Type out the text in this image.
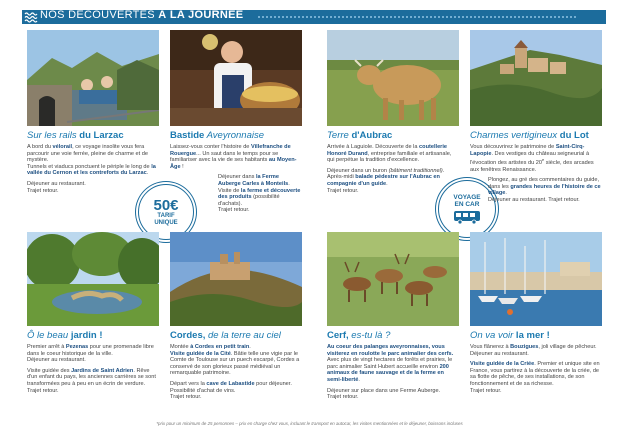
NOS DÉCOUVERTES À LA JOURNÉE
Sur les rails du Larzac

A bord du vélorail, ce voyage insolite vous fera parcourir une voie ferrée, pleine de charme et de mystère.
Tunnels et viaducs ponctuent le périple le long de la vallée du Cernon et les contreforts du Larzac.

Déjeuner au restaurant.
Trajet retour.

Bastide Aveyronnaise

Laissez-vous conter l'histoire de Villefranche de Rouergue... Un saut dans le temps pour se familiariser avec la vie de ses habitants au Moyen-Âge !

Déjeuner dans la Ferme Auberge Carles à Monteils. Visite de la ferme et découverte des produits (possibilité d'achats).
Trajet retour.

50€
TARIF
UNIQUE
Terre d'Aubrac

Arrivée à Laguiole. Découverte de la coutellerie Honoré Durand, entreprise familiale et artisanale, qui perpétue la tradition d'excellence.

Déjeuner dans un buron (bâtiment traditionnel).
Après-midi balade pédestre sur l'Aubrac en compagnie d'un guide.
Trajet retour.

VOYAGE
EN CAR
Charmes vertigineux du Lot

Vous découvrirez le patrimoine de Saint-Cirq-Lapopie. Des vestiges du château seigneurial à l'évocation des artistes du 20e siècle, des arcades aux fenêtres Renaissance.

Plongez, au gré des commentaires du guide, dans les grandes heures de l'histoire de ce village.
Déjeuner au restaurant. Trajet retour.

Ô le beau jardin !

Premier arrêt à Pezenas pour une promenade libre dans le coeur historique de la ville.
Déjeuner au restaurant.

Visite guidée des Jardins de Saint Adrien. Rêve d'un enfant du pays, les anciennes carrières se sont transformées peu à peu en un écrin de verdure.
Trajet retour.

Cordes, de la terre au ciel

Montée à Cordes en petit train.
Visite guidée de la Cité. Bâtie telle une vigie par le Comte de Toulouse sur un puech escarpé, Cordes a conservé de son glorieux passé médiéval un remarquable patrimoine.

Départ vers la cave de Labastide pour déjeuner. Possibilité d'achat de vins.
Trajet retour.

Cerf, es-tu là ?

Au coeur des palanges aveyronnaises, vous visiterez en roulotte le parc animalier des cerfs.
Avec plus de vingt hectares de forêts et prairies, le parc animalier Saint Hubert accueille environ 200 animaux de faune sauvage et de la ferme en semi-liberté.

Déjeuner sur place dans une Ferme Auberge.
Trajet retour.

On va voir la mer !

Vous flânerez à Bouzigues, joli village de pêcheur.
Déjeuner au restaurant.

Visite guidée de la Criée. Premier et unique site en France, vous partirez à la découverte de la criée, de sa flotte de pêche, de ses installations, de son fonctionnement et de sa richesse.
Trajet retour.

*prix pour un minimum de 25 personnes – prix en charge chez vous, incluant le transport en autocar, les visites mentionnées et le déjeuner, boissons incluses
